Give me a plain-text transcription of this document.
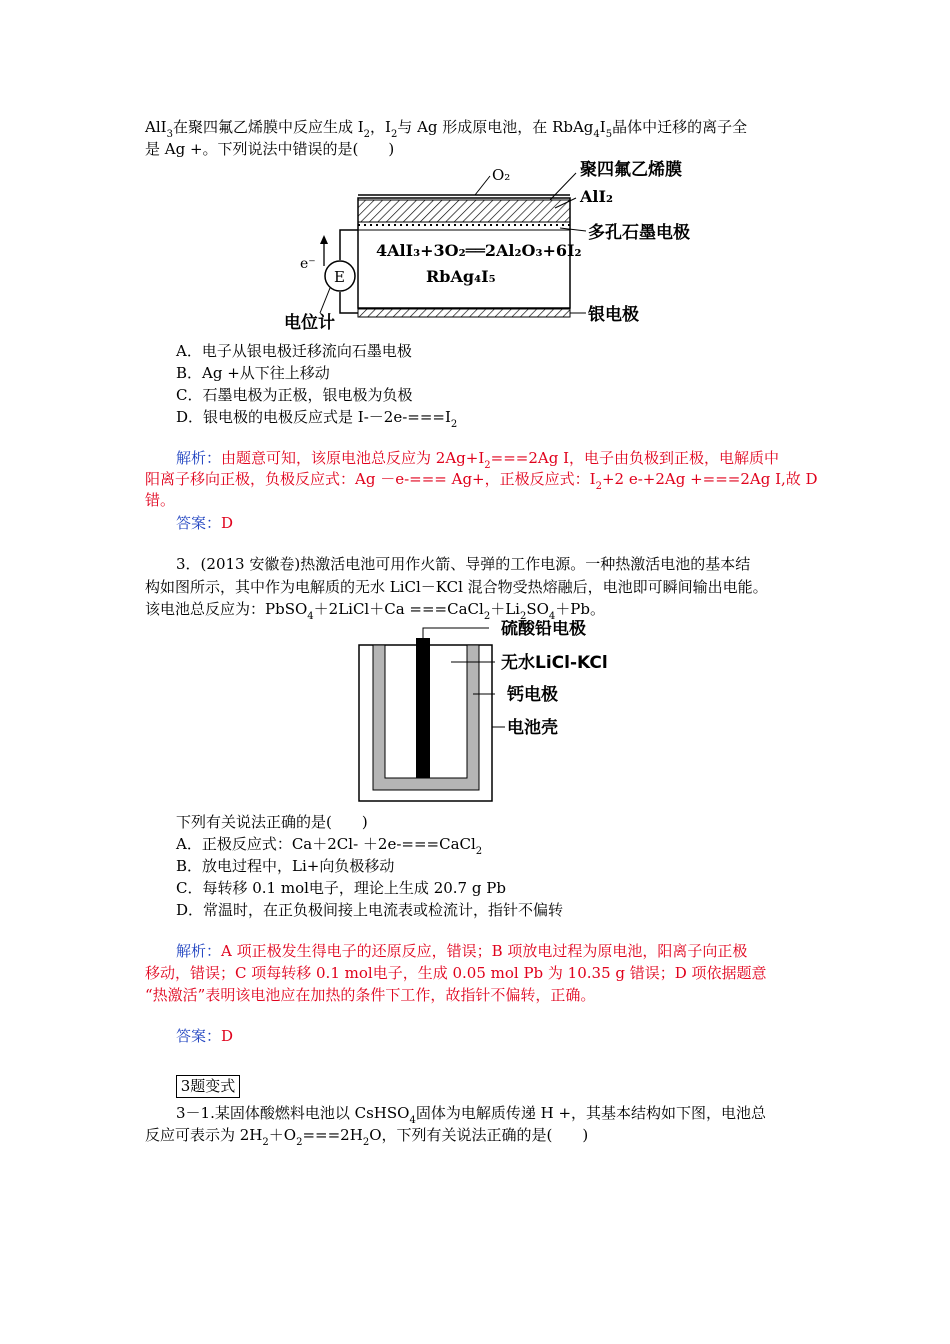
AlI$_3$在聚四氟乙烯膜中反应生成 $I_2$，$I_2$与 Ag 形成原电池，在 $RbAg_4I_5$晶体中迁移的离子全
是 Ag +。下列说法中错误的是(　　)
O₂	聚四氟乙烯膜
AlI₂
多孔石墨电极
银电极
4AlI₃+3O₂══2Al₂O₃+6I₂
RbAg₄I₅
E
e⁻
电位计
A．电子从银电极迁移流向石墨电极
B．Ag +从下往上移动
C．石墨电极为正极，银电极为负极
D．银电极的电极反应式是 $I--2e-===I_2$
解析：由题意可知，该原电池总反应为 $2Ag+I_2===2Ag$ I，电子由负极到正极，电解质中
阳离子移向正极，负极反应式：Ag －e-=== Ag+，正极反应式：$I_2+2$ e-+2Ag +===2Ag I,故 D
错。
答案：D
3．(2013 安徽卷)热激活电池可用作火箭、导弹的工作电源。一种热激活电池的基本结
构如图所示，其中作为电解质的无水 LiCl－KCl 混合物受热熔融后，电池即可瞬间输出电能。
该电池总反应为：PbSO$_4$＋2LiCl＋Ca $===CaCl_2+Li_2SO_4+Pb$。
硫酸铅电极
无水LiCl-KCl
钙电极
电池壳
下列有关说法正确的是(　　)
A．正极反应式：Ca＋2Cl- ＋2e-===CaCl$_2$
B．放电过程中，Li+向负极移动
C．每转移 0.1 mol电子，理论上生成 20.7 g Pb
D．常温时，在正负极间接上电流表或检流计，指针不偏转
解析：A 项正极发生得电子的还原反应，错误；B 项放电过程为原电池，阳离子向正极
移动，错误；C 项每转移 0.1 mol电子，生成 0.05 mol Pb 为 10.35 g 错误；D 项依据题意
“热激活”表明该电池应在加热的条件下工作，故指针不偏转，正确。
答案：D
3题变式
3－1.某固体酸燃料电池以 CsHSO$_4$固体为电解质传递 H +，其基本结构如下图，电池总
反应可表示为 $2H_2+O_2===2H_2O$，下列有关说法正确的是(　　)
